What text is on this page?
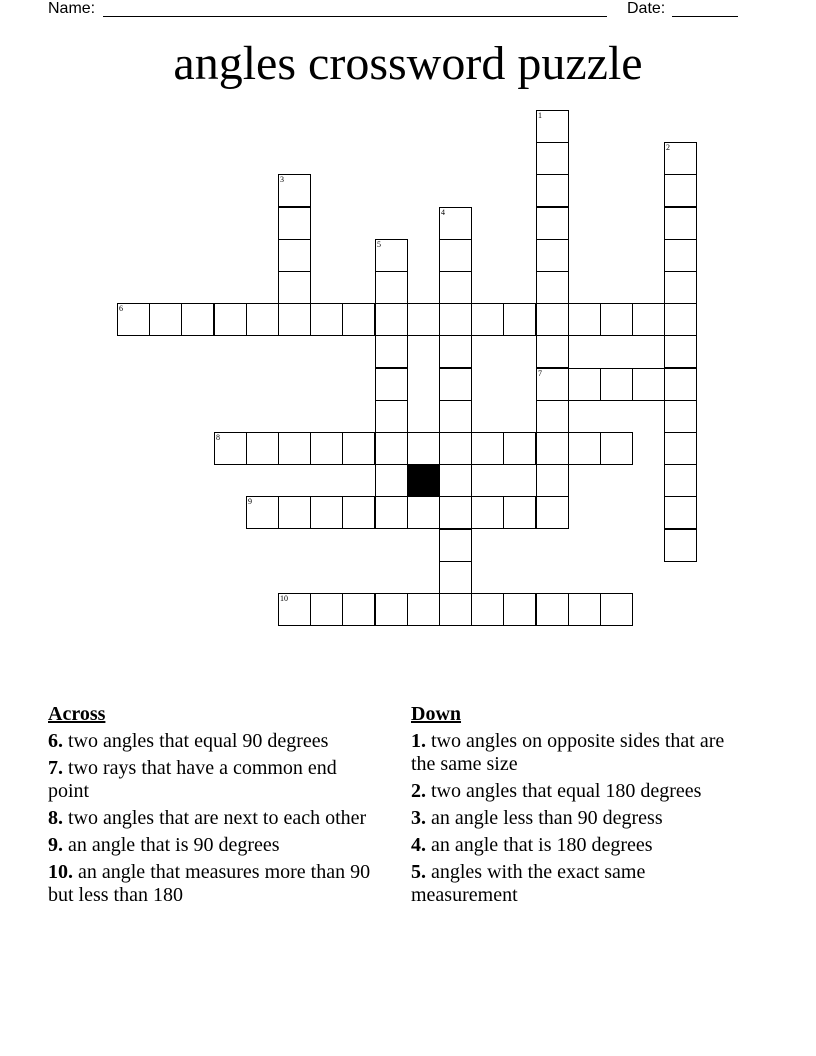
Name:	Date:
angles crossword puzzle
1
2
3
4
5
6
7
8
9
10
Across
6. two angles that equal 90 degrees
7. two rays that have a common end point
8. two angles that are next to each other
9. an angle that is 90 degrees
10. an angle that measures more than 90 but less than 180
Down
1. two angles on opposite sides that are the same size
2. two angles that equal 180 degrees
3. an angle less than 90 degress
4. an angle that is 180 degrees
5. angles with the exact same measurement
